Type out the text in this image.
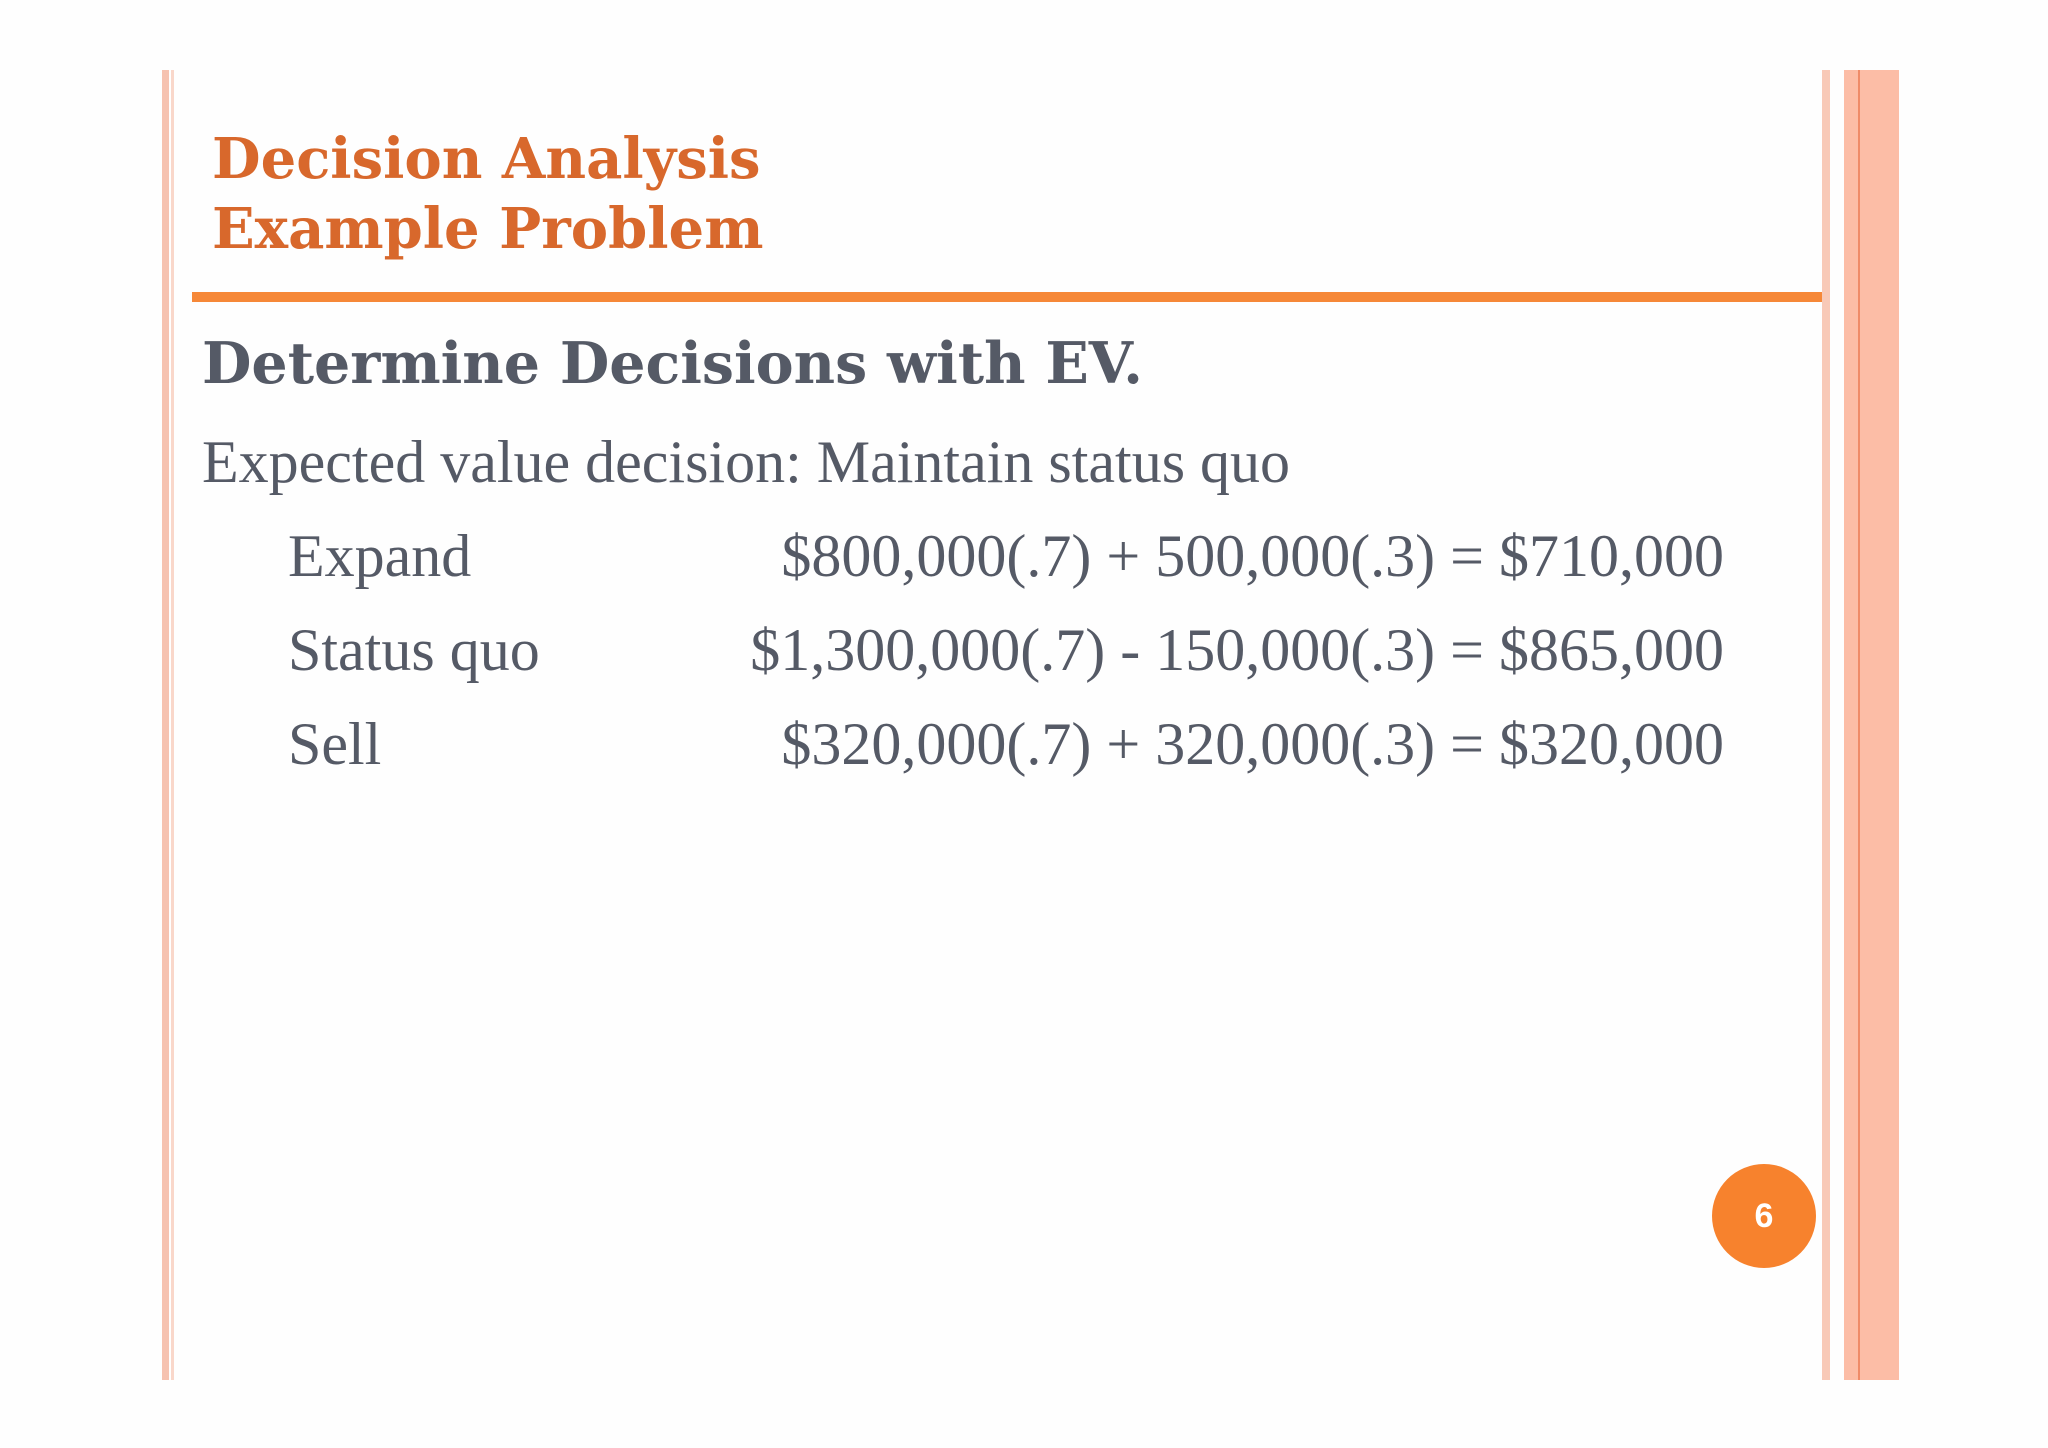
Decision Analysis
Example Problem
Determine Decisions with EV.
Expected value decision: Maintain status quo
Expand	$800,000(.7) + 500,000(.3) = $710,000
Status quo	$1,300,000(.7) - 150,000(.3) = $865,000
Sell	$320,000(.7) + 320,000(.3) = $320,000
6
